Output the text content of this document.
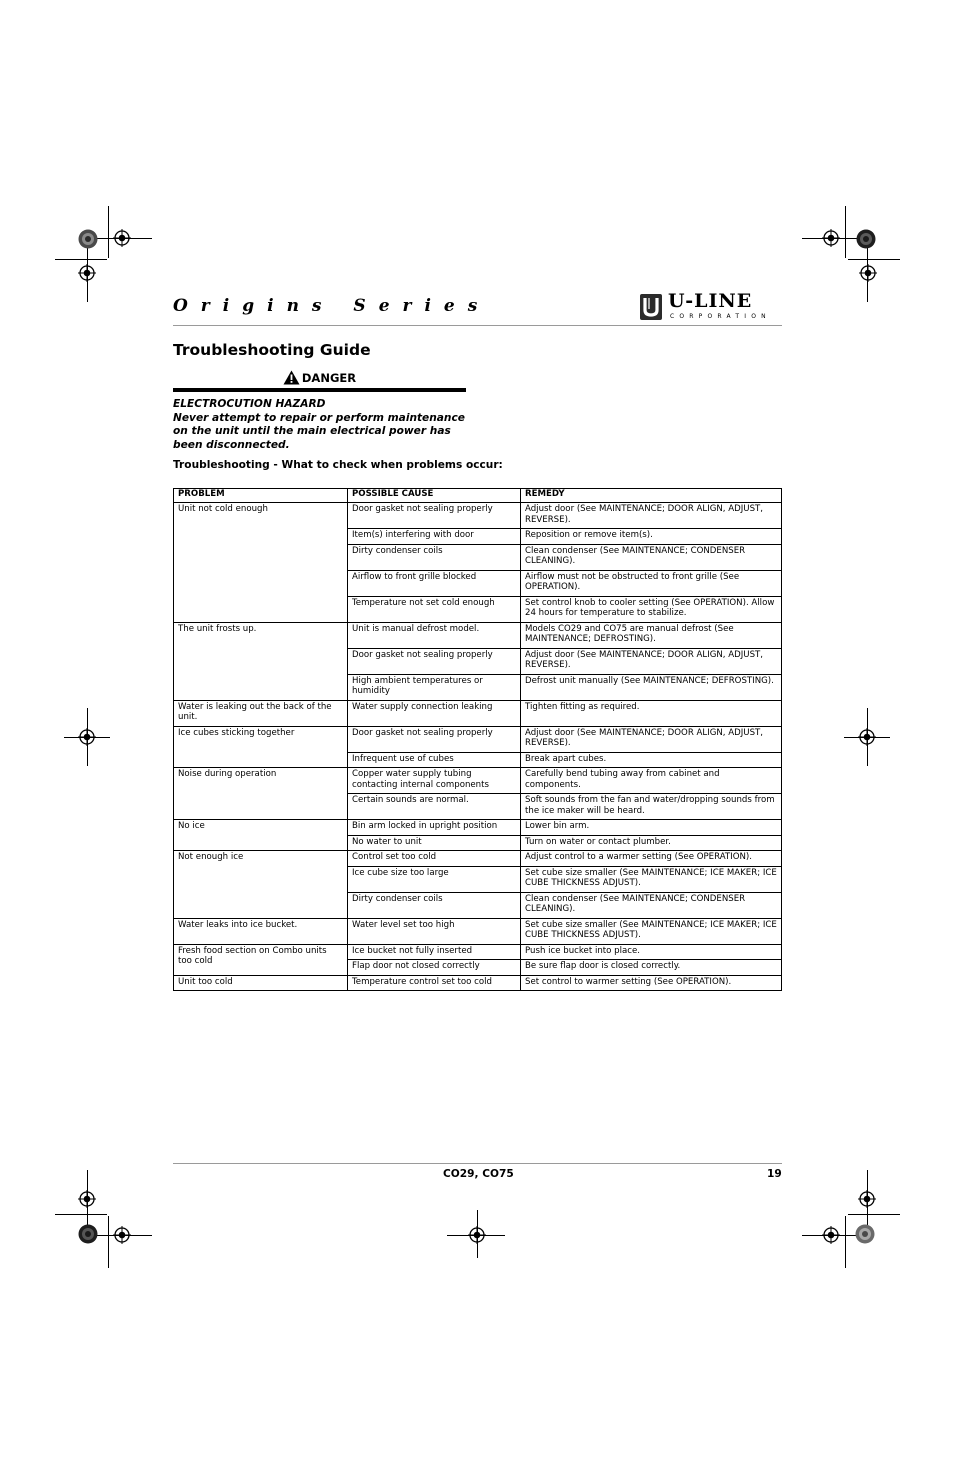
Origins Series	U-LINE
CORPORATION
Troubleshooting Guide
DANGER

ELECTROCUTION HAZARD

Never attempt to repair or perform maintenance on the unit until the main electrical power has been disconnected.

Troubleshooting - What to check when problems occur:
PROBLEM	POSSIBLE CAUSE	REMEDY
Unit not cold enough	Door gasket not sealing properly	Adjust door (See MAINTENANCE; DOOR ALIGN, ADJUST, REVERSE).
	Item(s) interfering with door	Reposition or remove item(s).
	Dirty condenser coils	Clean condenser (See MAINTENANCE; CONDENSER CLEANING).
	Airflow to front grille blocked	Airflow must not be obstructed to front grille (See OPERATION).
	Temperature not set cold enough	Set control knob to cooler setting (See OPERATION). Allow 24 hours for temperature to stabilize.
The unit frosts up.	Unit is manual defrost model.	Models CO29 and CO75 are manual defrost (See MAINTENANCE; DEFROSTING).
	Door gasket not sealing properly	Adjust door (See MAINTENANCE; DOOR ALIGN, ADJUST, REVERSE).
	High ambient temperatures or humidity	Defrost unit manually (See MAINTENANCE; DEFROSTING).
Water is leaking out the back of the unit.	Water supply connection leaking	Tighten fitting as required.
Ice cubes sticking together	Door gasket not sealing properly	Adjust door (See MAINTENANCE; DOOR ALIGN, ADJUST, REVERSE).
	Infrequent use of cubes	Break apart cubes.
Noise during operation	Copper water supply tubing contacting internal components	Carefully bend tubing away from cabinet and components.
	Certain sounds are normal.	Soft sounds from the fan and water/dropping sounds from the ice maker will be heard.
No ice	Bin arm locked in upright position	Lower bin arm.
	No water to unit	Turn on water or contact plumber.
Not enough ice	Control set too cold	Adjust control to a warmer setting (See OPERATION).
	Ice cube size too large	Set cube size smaller (See MAINTENANCE; ICE MAKER; ICE CUBE THICKNESS ADJUST).
	Dirty condenser coils	Clean condenser (See MAINTENANCE; CONDENSER CLEANING).
Water leaks into ice bucket.	Water level set too high	Set cube size smaller (See MAINTENANCE; ICE MAKER; ICE CUBE THICKNESS ADJUST).
Fresh food section on Combo units too cold	Ice bucket not fully inserted	Push ice bucket into place.
	Flap door not closed correctly	Be sure flap door is closed correctly.
Unit too cold	Temperature control set too cold	Set control to warmer setting (See OPERATION).
CO29, CO75	19
